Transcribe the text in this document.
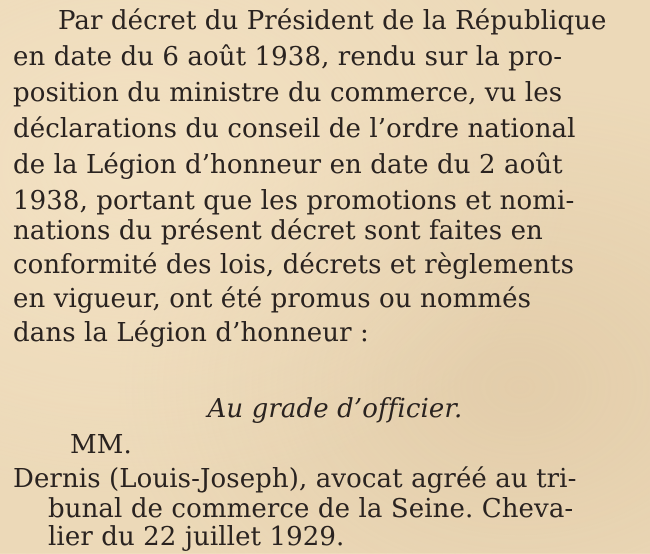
Par décret du Président de la République
en date du 6 août 1938, rendu sur la pro-
position du ministre du commerce, vu les
déclarations du conseil de l’ordre national
de la Légion d’honneur en date du 2 août
1938, portant que les promotions et nomi-
nations du présent décret sont faites en
conformité des lois, décrets et règlements
en vigueur, ont été promus ou nommés
dans la Légion d’honneur :
Au grade d’officier.
MM.
Dernis (Louis-Joseph), avocat agréé au tri-
bunal de commerce de la Seine. Cheva-
lier du 22 juillet 1929.
